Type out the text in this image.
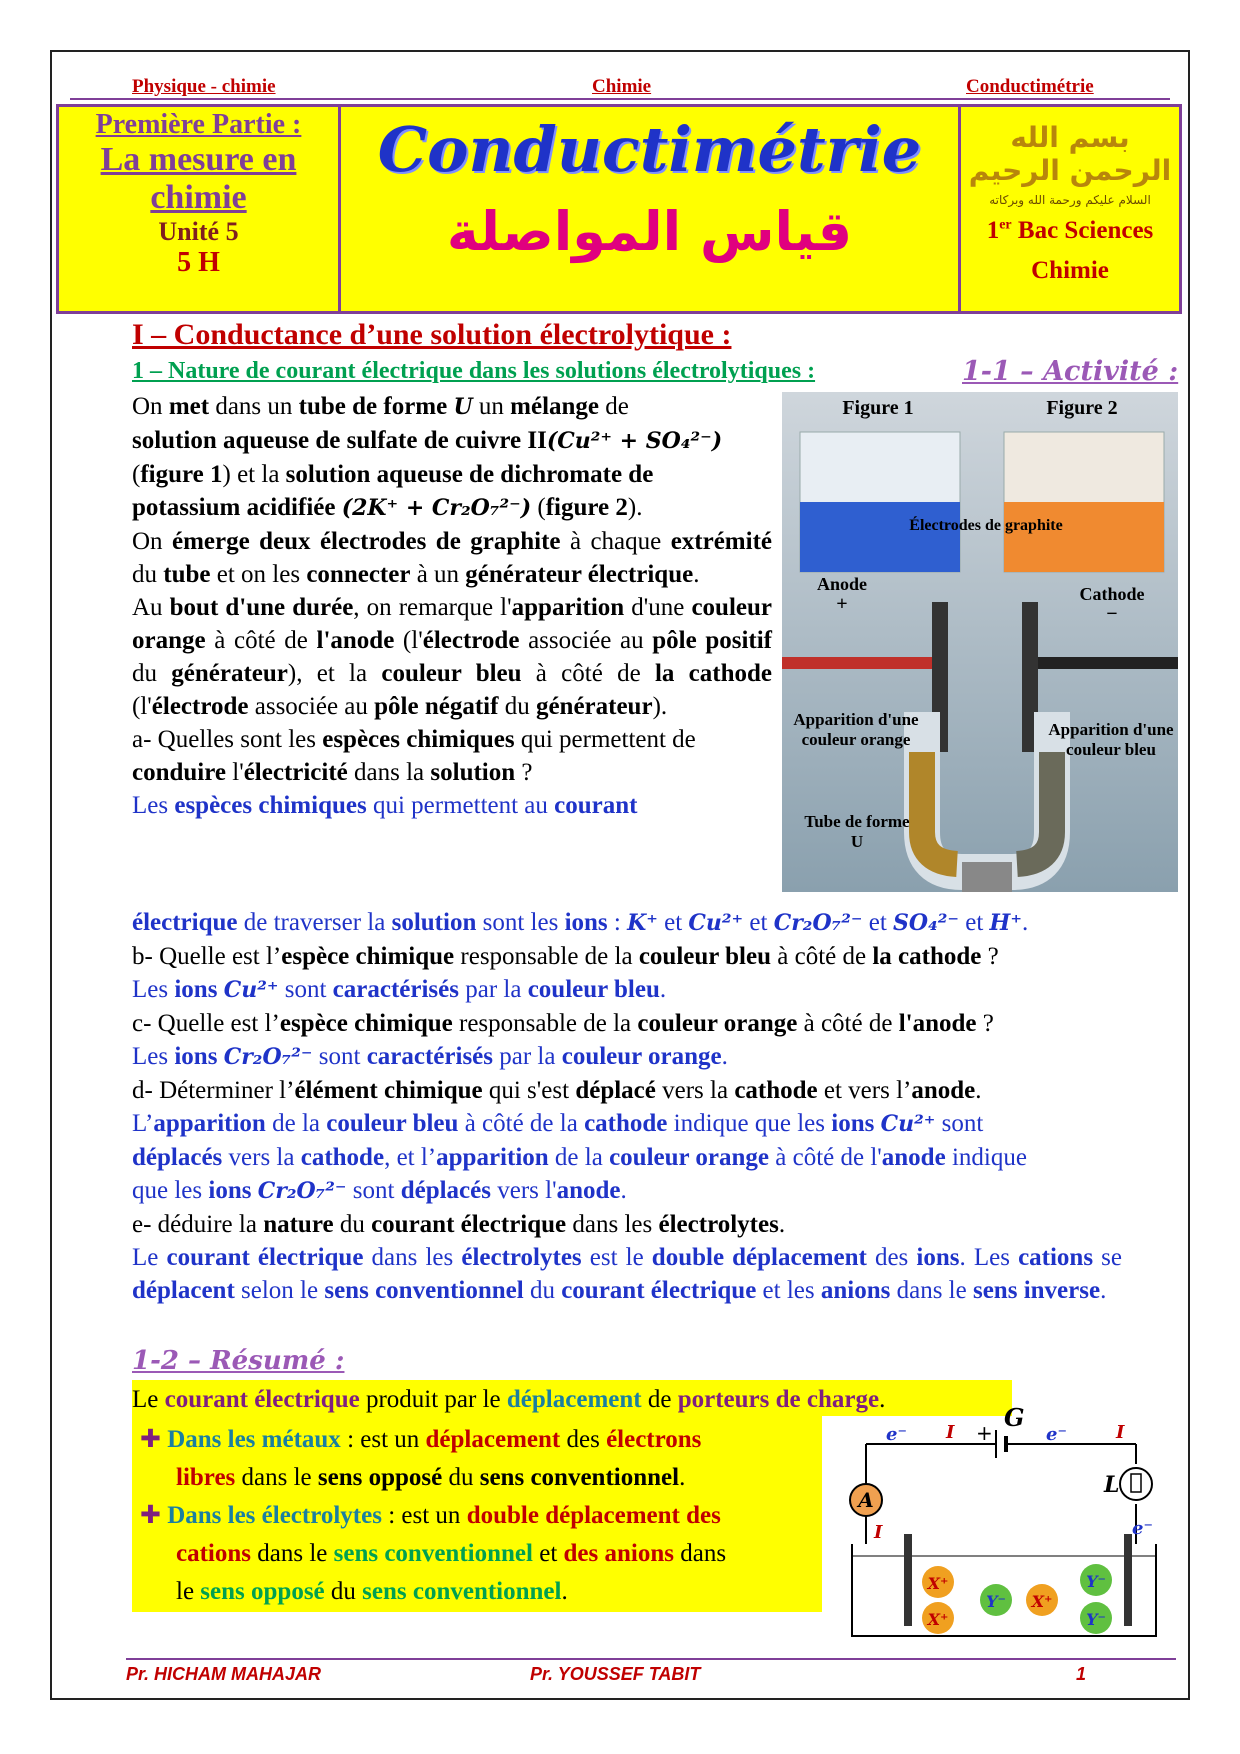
Physique - chimie	Chimie	Conductimétrie
Première Partie :
La mesure en
chimie
Unité 5
5 H
Conductimétrie
قياس المواصلة
بسم الله الرحمن الرحيم
السلام عليكم ورحمة الله وبركاته
1er Bac Sciences
Chimie
I – Conductance d’une solution électrolytique :
1 – Nature de courant électrique dans les solutions électrolytiques :	1-1 – Activité :
Figure 1	Figure 2
Électrodes de graphite
Anode
+	Cathode
−
Apparition d'une couleur orange
Apparition d'une couleur bleu
Tube de forme U
On met dans un tube de forme U un mélange de
solution aqueuse de sulfate de cuivre II(Cu²⁺ + SO₄²⁻)
(figure 1) et la solution aqueuse de dichromate de
potassium acidifiée (2K⁺ + Cr₂O₇²⁻) (figure 2).
On émerge deux électrodes de graphite à chaque extrémité du tube et on les connecter à un générateur électrique.
Au bout d'une durée, on remarque l'apparition d'une couleur orange à côté de l'anode (l'électrode associée au pôle positif du générateur), et la couleur bleu à côté de la cathode (l'électrode associée au pôle négatif du générateur).
a- Quelles sont les espèces chimiques qui permettent de conduire l'électricité dans la solution ?
Les espèces chimiques qui permettent au courant
électrique de traverser la solution sont les ions : K⁺ et Cu²⁺ et Cr₂O₇²⁻ et SO₄²⁻ et H⁺.
b- Quelle est l’espèce chimique responsable de la couleur bleu à côté de la cathode ?
Les ions Cu²⁺ sont caractérisés par la couleur bleu.
c- Quelle est l’espèce chimique responsable de la couleur orange à côté de l'anode ?
Les ions Cr₂O₇²⁻ sont caractérisés par la couleur orange.
d- Déterminer l’élément chimique qui s'est déplacé vers la cathode et vers l’anode.
L’apparition de la couleur bleu à côté de la cathode indique que les ions Cu²⁺ sont déplacés vers la cathode, et l’apparition de la couleur orange à côté de l'anode indique que les ions Cr₂O₇²⁻ sont déplacés vers l'anode.
e- déduire la nature du courant électrique dans les électrolytes.
Le courant électrique dans les électrolytes est le double déplacement des ions. Les cations se déplacent selon le sens conventionnel du courant électrique et les anions dans le sens inverse.
1-2 – Résumé :
Le courant électrique produit par le déplacement de porteurs de charge.
✚ Dans les métaux : est un déplacement des électrons
libres dans le sens opposé du sens conventionnel.
✚ Dans les électrolytes : est un double déplacement des
cations dans le sens conventionnel et des anions dans
le sens opposé du sens conventionnel.
G
+
A
L
e⁻ I	e⁻	I
I	e⁻
X⁺
X⁺
X⁺
Y⁻
Y⁻
Y⁻
Pr. HICHAM MAHAJAR	Pr. YOUSSEF TABIT	1
